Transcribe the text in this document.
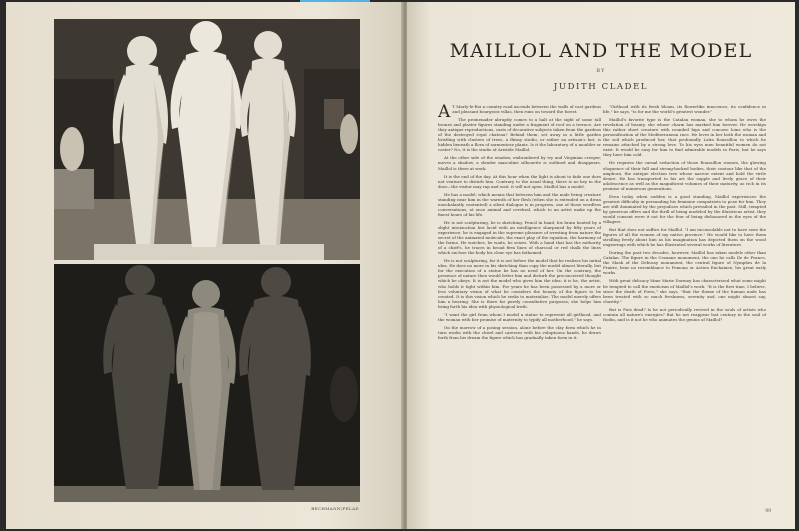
BECHMANN/PELAD
MAILLOL AND THE MODEL
BY
JUDITH CLADEL

A T Marly-le-Roi a country road ascends between the walls of vast gardens and pleasant bourgeois villas, then runs on toward the forest.

The promenader abruptly comes to a halt at the sight of some tall bronze and plaster figures standing under a fragment of roof on a terrace. Are they antique reproductions, casts of decorative subjects taken from the gardens of the destroyed royal chateau? Behind them, set away in a little garden bristling with clusters of trees, a flimsy studio, or rather an artisan's hut, is hidden beneath a flora of sarmentose plants. Is it the laboratory of a moulder or caster? No, it is the studio of Aristide Maillol.

At the other side of the window, embroidered by ivy and Virginian creeper, moves a shadow, a slender masculine silhouette is outlined and disappears. Maillol is there at work.

It is the end of the day. At this hour when the light is about to fade one does not venture to disturb him. Contrary to the usual thing, there is no key in the door—the visitor may rap and wait, it will not open. Maillol has a model.

He has a model, which means that between him and the nude living creature standing near him in the warmth of her flesh (when she is extended on a divan nonchalantly contented) a silent dialogue is in progress, one of those wordless conversations, at once animal and cerebral, which to an artist make up the finest hours of his life.

He is not sculpturing, he is sketching. Pencil in hand, his brain heated by a slight intoxication but lucid with an intelligence sharpened by fifty years of experience, he is engaged in the supreme pleasure of wresting from nature the secret of the animated molecule, the exact play of the equation, the harmony of the forms. He watches, he waits, he seizes. With a hand that has the authority of a chief's, he traces in broad firm lines of charcoal or red chalk the lines which enclose the body his clear eye has fathomed.

He is not sculpturing, for it is not before the model that he realizes his initial idea. He does no more in his sketching than copy the model almost literally, but for the execution of a statue he has no need of her. On the contrary, the presence of nature then would fetter him and disturb the preconceived thought which he obeys. It is not the model who gives him the idea: it is he, the artist, who holds it tight within him. For years he has been possessed by a more or less voluntary vision of what he considers the beauty of the figure to be created. It is this vision which he seeks to materialize. The model merely offers him a bearing. She is there for purely consultative purposes; she helps him bring forth his idea with physiological truth.

"I want the girl from whom I model a statue to represent all girlhood, and the woman with her promise of maternity to typify all motherhood," he says.

On the morrow of a posing session, alone before the clay form which he in turn works with the chisel and caresses with his voluptuous hands, he draws forth from his dream the figure which has gradually taken form in it.

"Girlhood with its fresh bloom, its flowerlike innocence, its confidence in life," he says, "is for me the world's greatest wonder."

Maillol's favorite type is the Catalan woman, she to whom he owes the revelation of beauty, she whose charm has marked him forever. He worships this rather short creature with rounded hips and concave loins who is the personification of the Mediterranean race. He loves in her both the woman and the soil which produced her, that profoundly Latin Roussillon to which he remains attached by a strong love. To his eyes men beautiful women do not exist. It would be easy for him to find admirable models in Paris, but he says they have him cold.

He requires the carnal seduction of those Roussillon women, the glowing eloquence of their full and strong-backed bodies, their contour like that of the amphora, the antique election tree whose narrow extent and hold the virile desire. He has transported to his art the supple and lively grace of their adolescence as well as the magnificent volumes of their maturity, as rich in its promise of numerous generations.

Even today when sudden is a good standing, Maillol experiences the greatest difficulty in persuading his feminine compatriots to pose for him. They are still dominated by the prejudices which prevailed in the past. Still, tempted by generous offers and the thrill of being modeled by the illustrious artist, they would consent were it not for the fear of being dishonored in the eyes of the villagers.

But that does not suffice for Maillol. "I am inconsolable not to have seen the figures of all the women of my native province." He would like to have them strolling freely about him as his imagination has depicted them on the wood engravings with which he has illustrated several works of literature.

During the past two decades, however, Maillol has taken models other than Catalan. The figure in the Cezanne monument, the one he calls Ile de France, the Mask of the Debussy monument, the central figure of Nymphes de la Prairie, bear no resemblance to Pomona or Action Enchainee, his great early works.

With great delicacy Mme Marie Dormoy has characterized what some might be tempted to call the exoticism of Maillol's work. "It is the first time, I believe, since the death of Puvis," she says, "that the theme of the human nude has been treated with so much freshness, serenity and, one might almost say, chastity."

But is Puis dead? Is he not periodically revived in the souls of artists who contain all nature's energies? But he not reappear last century in the soul of Rodin, and is it not he who animates the genius of Maillol?

99
